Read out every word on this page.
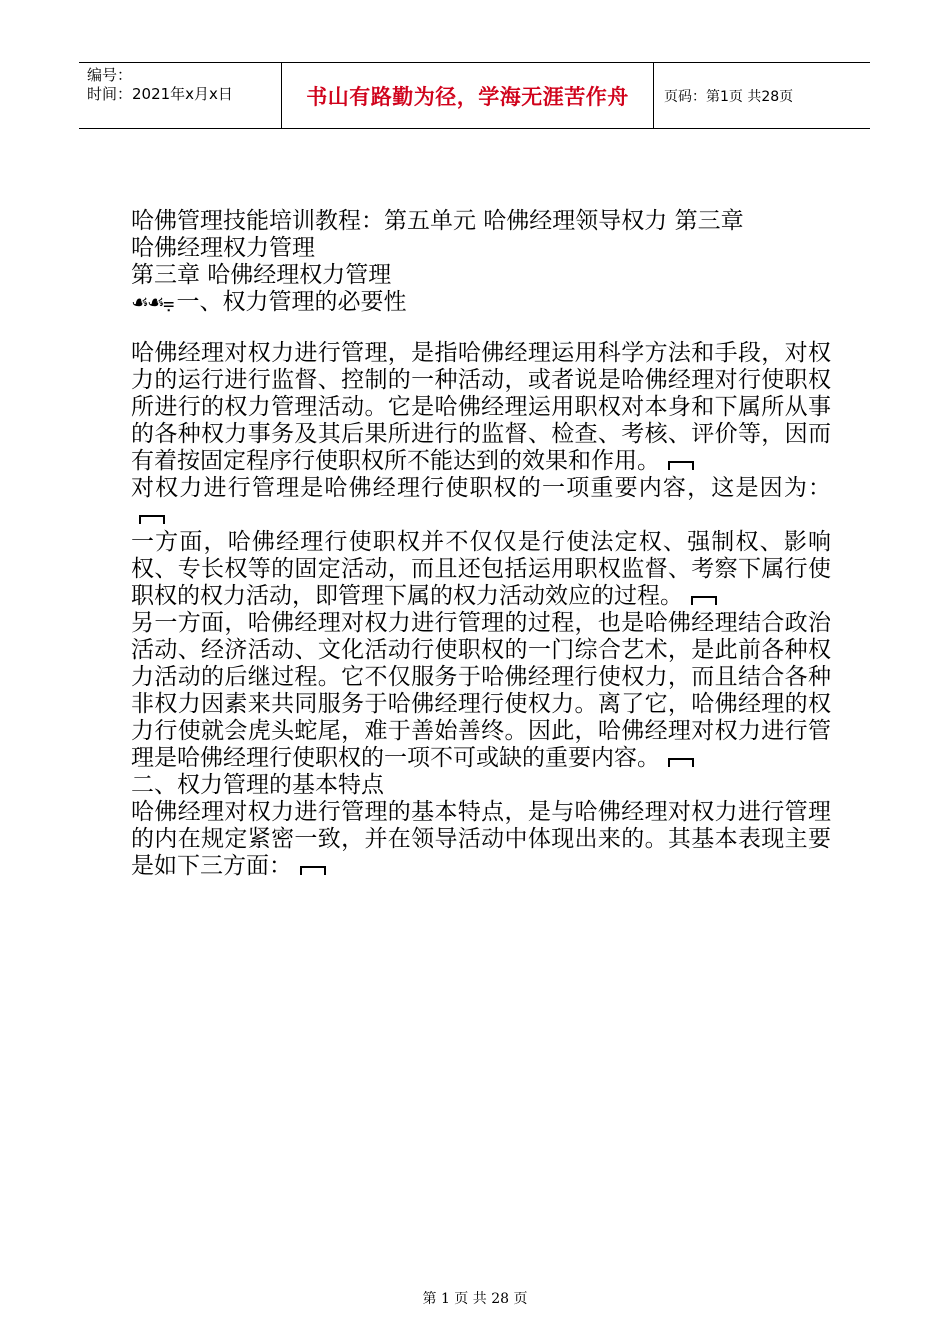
编号：
时间：2021年x月x日	书山有路勤为径，学海无涯苦作舟	页码：第1页 共28页

哈佛管理技能培训教程：第五单元 哈佛经理领导权力 第三章

哈佛经理权力管理

第三章 哈佛经理权力管理

☙☙⩦ 一、权力管理的必要性

哈佛经理对权力进行管理，是指哈佛经理运用科学方法和手段，对权力的运行进行监督、控制的一种活动，或者说是哈佛经理对行使职权所进行的权力管理活动。它是哈佛经理运用职权对本身和下属所从事的各种权力事务及其后果所进行的监督、检查、考核、评价等，因而有着按固定程序行使职权所不能达到的效果和作用。

对权力进行管理是哈佛经理行使职权的一项重要内容，这是因为：

一方面，哈佛经理行使职权并不仅仅是行使法定权、强制权、影响权、专长权等的固定活动，而且还包括运用职权监督、考察下属行使职权的权力活动，即管理下属的权力活动效应的过程。

另一方面，哈佛经理对权力进行管理的过程，也是哈佛经理结合政治活动、经济活动、文化活动行使职权的一门综合艺术，是此前各种权力活动的后继过程。它不仅服务于哈佛经理行使权力，而且结合各种非权力因素来共同服务于哈佛经理行使权力。离了它，哈佛经理的权力行使就会虎头蛇尾，难于善始善终。因此，哈佛经理对权力进行管理是哈佛经理行使职权的一项不可或缺的重要内容。

二、权力管理的基本特点

哈佛经理对权力进行管理的基本特点，是与哈佛经理对权力进行管理的内在规定紧密一致，并在领导活动中体现出来的。其基本表现主要是如下三方面：

第 1 页 共 28 页
